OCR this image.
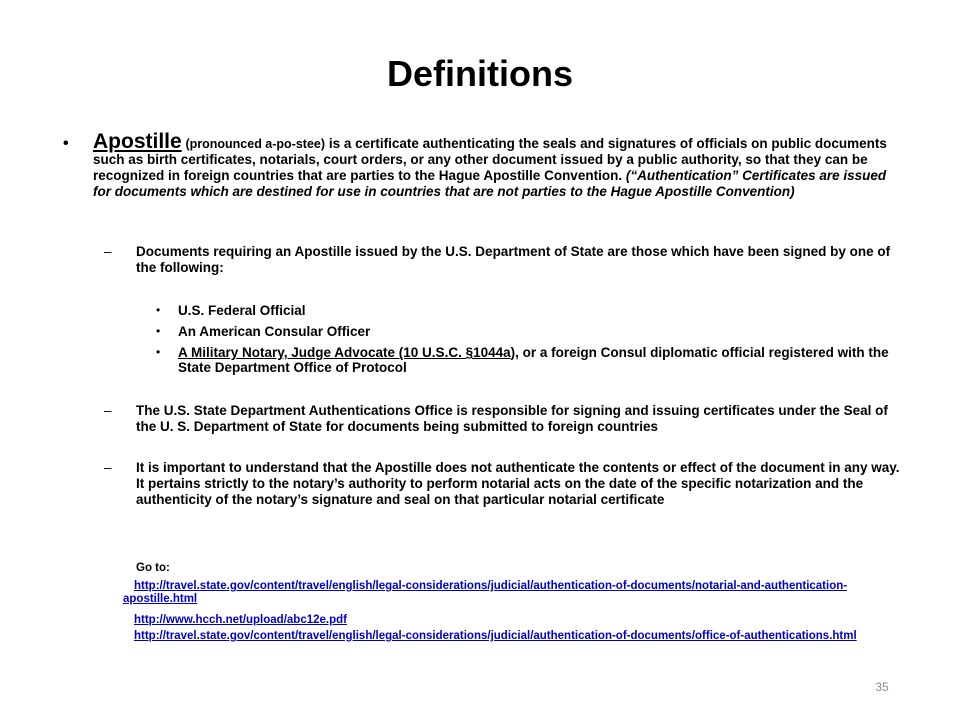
Definitions
• Apostille (pronounced a-po-stee) is a certificate authenticating the seals and signatures of officials on public documents such as birth certificates, notarials, court orders, or any other document issued by a public authority, so that they can be recognized in foreign countries that are parties to the Hague Apostille Convention. (“Authentication” Certificates are issued for documents which are destined for use in countries that are not parties to the Hague Apostille Convention)
– Documents requiring an Apostille issued by the U.S. Department of State are those which have been signed by one of the following:
• U.S. Federal Official
• An American Consular Officer
• A Military Notary, Judge Advocate (10 U.S.C. §1044a), or a foreign Consul diplomatic official registered with the State Department Office of Protocol
– The U.S. State Department Authentications Office is responsible for signing and issuing certificates under the Seal of the U. S. Department of State for documents being submitted to foreign countries
– It is important to understand that the Apostille does not authenticate the contents or effect of the document in any way. It pertains strictly to the notary’s authority to perform notarial acts on the date of the specific notarization and the authenticity of the notary’s signature and seal on that particular notarial certificate
Go to:
http://travel.state.gov/content/travel/english/legal-considerations/judicial/authentication-of-documents/notarial-and-authentication-apostille.html
http://www.hcch.net/upload/abc12e.pdf
http://travel.state.gov/content/travel/english/legal-considerations/judicial/authentication-of-documents/office-of-authentications.html
35
